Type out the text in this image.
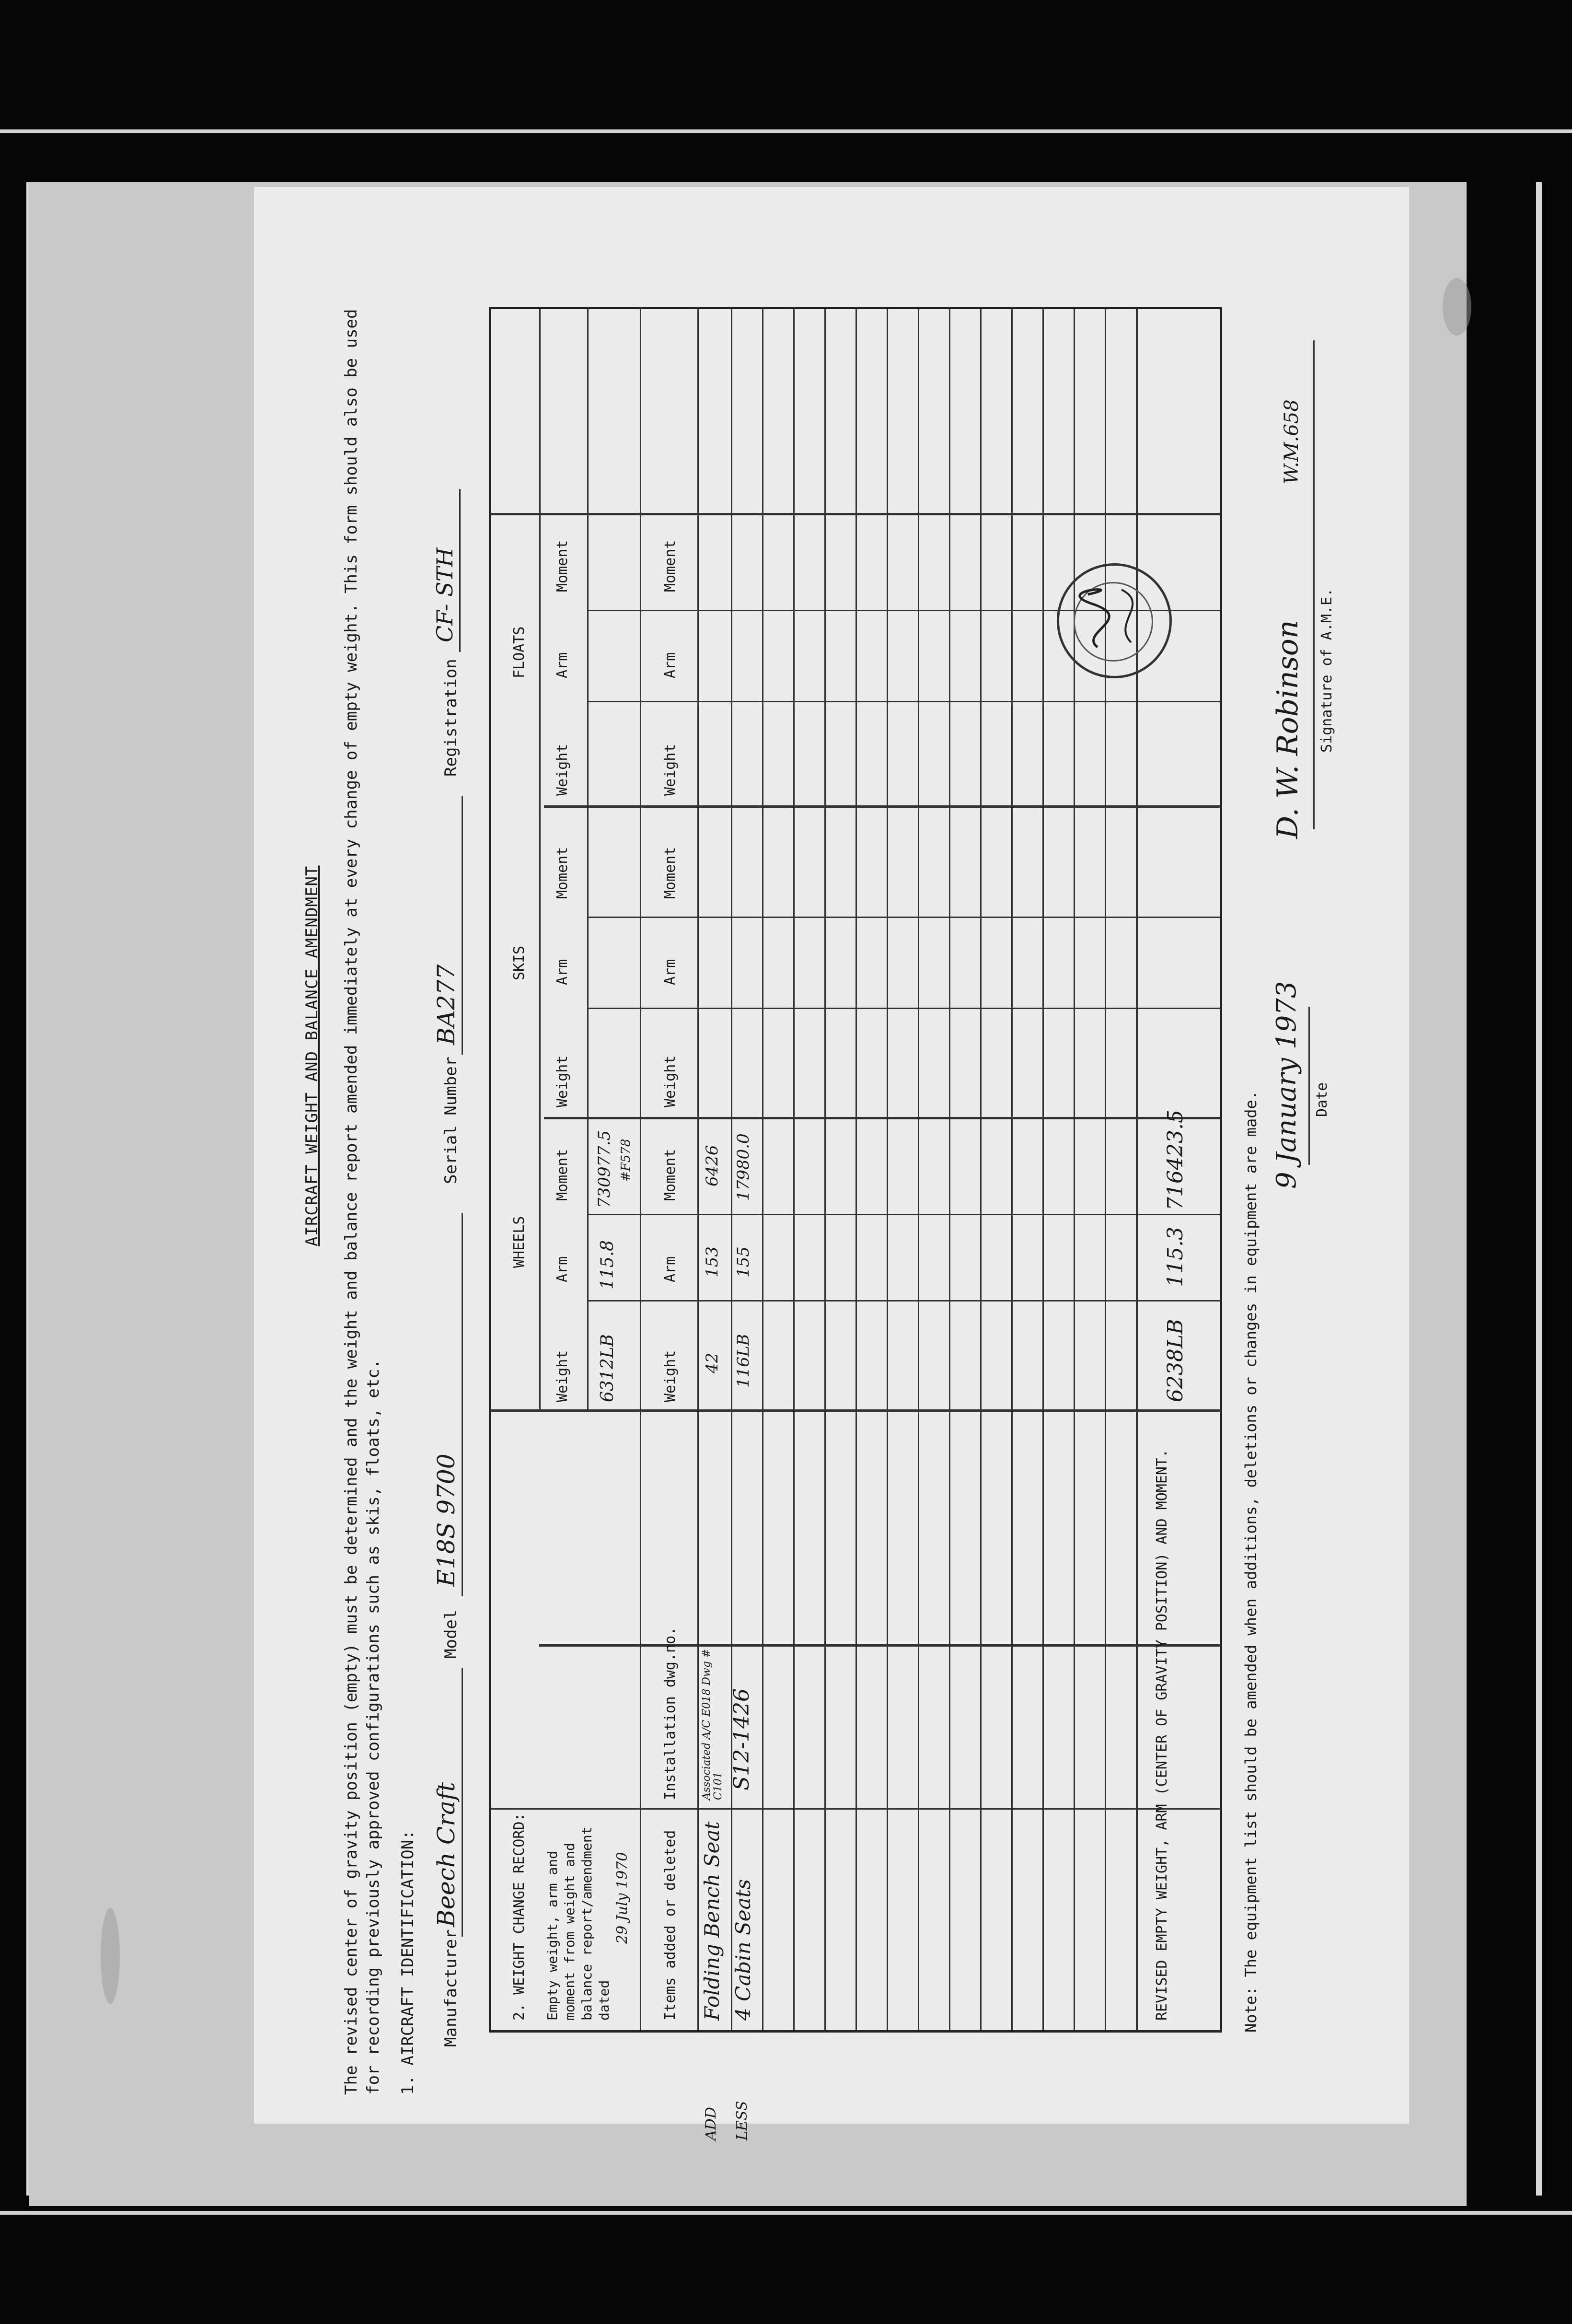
AIRCRAFT WEIGHT AND BALANCE AMENDMENT The revised center of gravity position (empty) must be determined and the weight and balance report amended immediately at every change of empty weight. This form should also be used for recording previously approved configurations such as skis, floats, etc. 1. AIRCRAFT IDENTIFICATION: Manufacturer
Beech Craft
Model
E18S 9700
Serial Number
BA277
Registration
CF- STH
2. WEIGHT CHANGE RECORD:
WHEELS
SKIS
FLOATS
Weight
Arm
Moment
Weight
Arm
Moment
Weight
Arm
Moment
Empty weight, arm and moment from weight and balance report/amendment dated
29 July 1970
6312LB
115.8
730977.5 #F578
Items added or deleted
Installation dwg.no.
Weight
Arm
Moment
Weight
Arm
Moment
Weight
Arm
Moment
ADD
Folding Bench Seat
Associated A/C E018 Dwg # C101
42
153
6426
LESS
4 Cabin Seats
S12-1426
116LB
155
17980.0
REVISED EMPTY WEIGHT, ARM (CENTER OF GRAVITY POSITION) AND MOMENT.
6238LB
115.3
716423.5	Note: The equipment list should be amended when additions, deletions or changes in equipment are made.
9 January 1973 Date
D. W. Robinson
W.M.658
Signature of A.M.E.
